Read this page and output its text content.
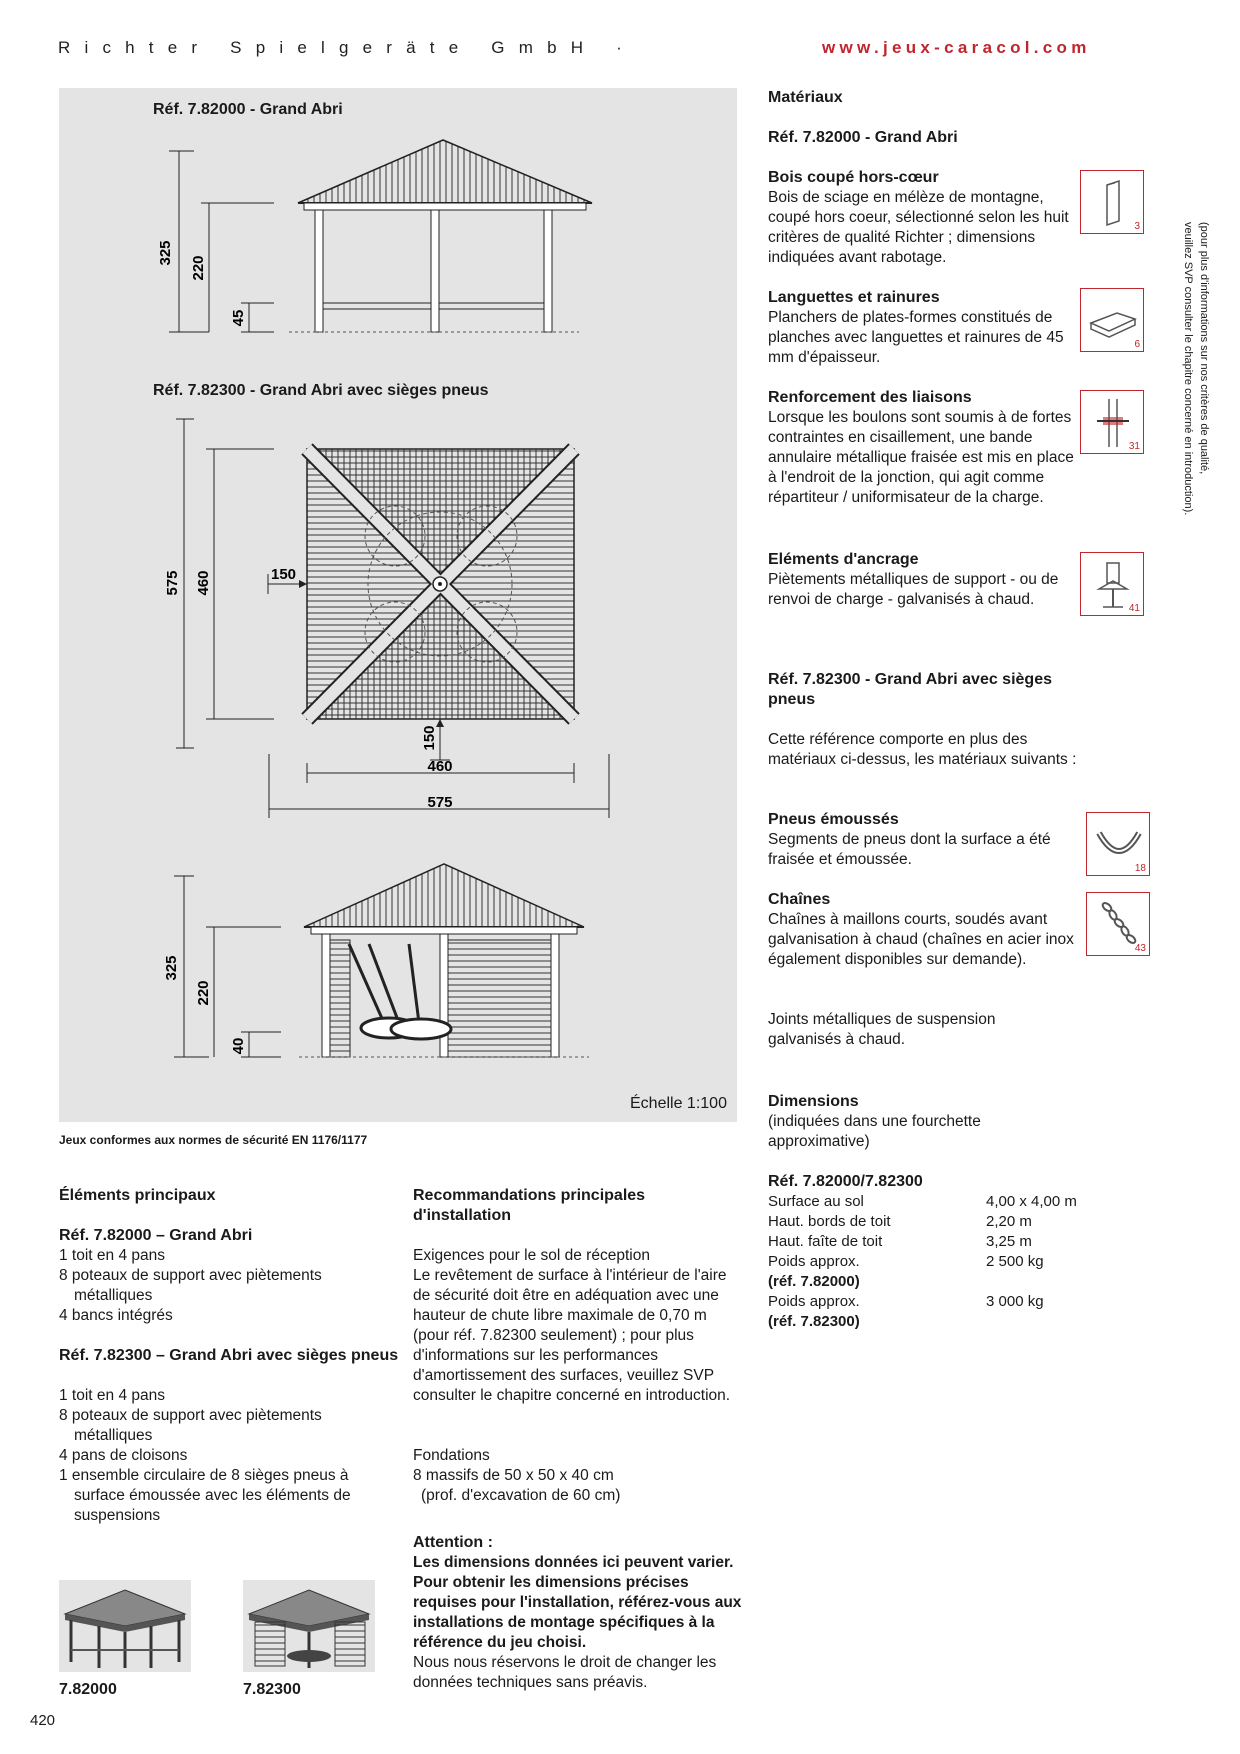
Richter Spielgeräte GmbH ·	www.jeux-caracol.com
Réf. 7.82000 - Grand Abri
Réf. 7.82300 - Grand Abri avec sièges pneus
Échelle 1:100
325
220
45
575 460	150
150
460
575
325
220
40
Jeux conformes aux normes de sécurité EN 1176/1177
Matériaux
Réf. 7.82000 - Grand Abri
Bois coupé hors-cœur
Bois de sciage en mélèze de montagne, coupé hors coeur, sélectionné selon les huit critères de qualité Richter ; dimensions indiquées avant rabotage.
3
Languettes et rainures
Planchers de plates-formes constitués de planches avec languettes et rainures de 45 mm d'épaisseur.
6
Renforcement des liaisons
Lorsque les boulons sont soumis à de fortes contraintes en cisaillement, une bande annulaire métallique fraisée est mis en place à l'endroit de la jonction, qui agit comme répartiteur / uniformisateur de la charge.
31
Eléments d'ancrage
Piètements métalliques de support - ou de renvoi de charge - galvanisés à chaud.
41
Réf. 7.82300 - Grand Abri avec sièges pneus
Cette référence comporte en plus des matériaux ci-dessus, les matériaux suivants :
Pneus émoussés
Segments de pneus dont la surface a été fraisée et émoussée.
18
Chaînes
Chaînes à maillons courts, soudés avant galvanisation à chaud (chaînes en acier inox également disponibles sur demande).
43
Joints métalliques de suspension galvanisés à chaud.
Dimensions
(indiquées dans une fourchette approximative)
Réf. 7.82000/7.82300
Surface au sol	4,00 x 4,00 m
Haut. bords de toit	2,20 m
Haut. faîte de toit	3,25 m
Poids approx.	2 500 kg
(réf. 7.82000)
Poids approx.	3 000 kg
(réf. 7.82300)
(pour plus d'informations sur nos critères de qualité,
veuillez SVP consulter le chapitre concerné en introduction).
Éléments principaux
Réf. 7.82000 – Grand Abri
1 toit en 4 pans
8 poteaux de support avec piètements métalliques
4 bancs intégrés
Réf. 7.82300 – Grand Abri avec sièges pneus
1 toit en 4 pans
8 poteaux de support avec piètements métalliques
4 pans de cloisons
1 ensemble circulaire de 8 sièges pneus à surface émoussée avec les éléments de suspensions
Recommandations principales d'installation
Exigences pour le sol de réception
Le revêtement de surface à l'intérieur de l'aire de sécurité doit être en adéquation avec une hauteur de chute libre maximale de 0,70 m (pour réf. 7.82300 seulement) ; pour plus d'informations sur les performances d'amortissement des surfaces, veuillez SVP consulter le chapitre concerné en introduction.
Fondations
8 massifs de 50 x 50 x 40 cm
(prof. d'excavation de 60 cm)
Attention :
Les dimensions données ici peuvent varier. Pour obtenir les dimensions précises requises pour l'installation, référez-vous aux installations de montage spécifiques à la référence du jeu choisi.
Nous nous réservons le droit de changer les données techniques sans préavis.
7.82000	7.82300
420
